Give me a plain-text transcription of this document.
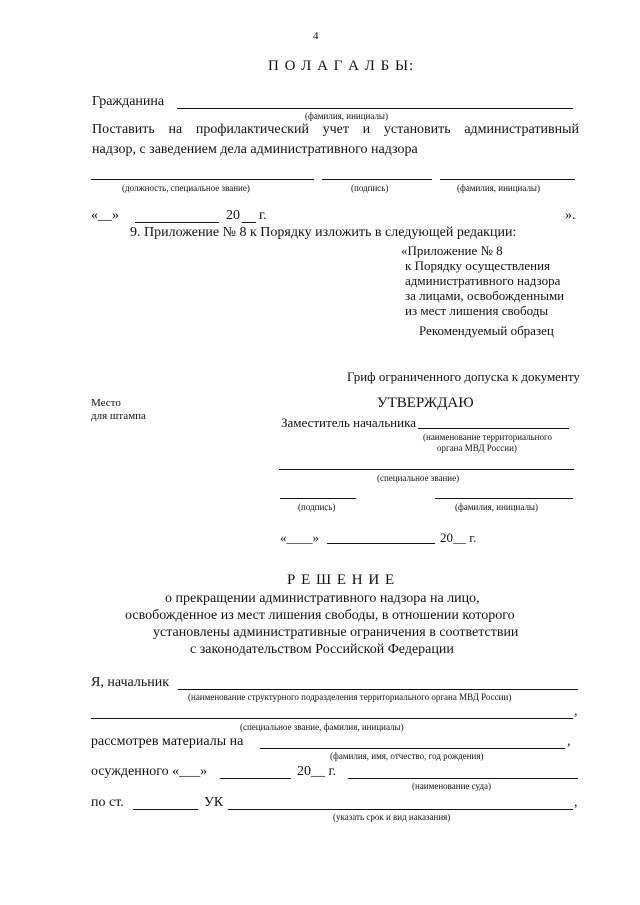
4
П О Л А Г А Л Б Ы:
Гражданина
(фамилия, инициалы)
Поставить на профилактический учет и установить административный
надзор, с заведением дела административного надзора
(должность, специальное звание)	(подпись)	(фамилия, инициалы)
«__»	20 г.	».
9. Приложение № 8 к Порядку изложить в следующей редакции:
«Приложение № 8
к Порядку осуществления
административного надзора
за лицами, освобожденными
из мест лишения свободы
Рекомендуемый образец
Гриф ограниченного допуска к документу
Место
для штампа
УТВЕРЖДАЮ
Заместитель начальника
(наименование территориального
органа МВД России)
(специальное звание)
(подпись)	(фамилия, инициалы)
«____»	20__ г.
Р Е Ш Е Н И Е
о прекращении административного надзора на лицо,
освобожденное из мест лишения свободы, в отношении которого
установлены административные ограничения в соответствии
с законодательством Российской Федерации
Я, начальник
(наименование структурного подразделения территориального органа МВД России)
,
(специальное звание, фамилия, инициалы)
рассмотрев материалы на	,
(фамилия, имя, отчество, год рождения)
осужденного «___»	20__ г.
(наименование суда)
по ст.	УК	,
(указать срок и вид наказания)
